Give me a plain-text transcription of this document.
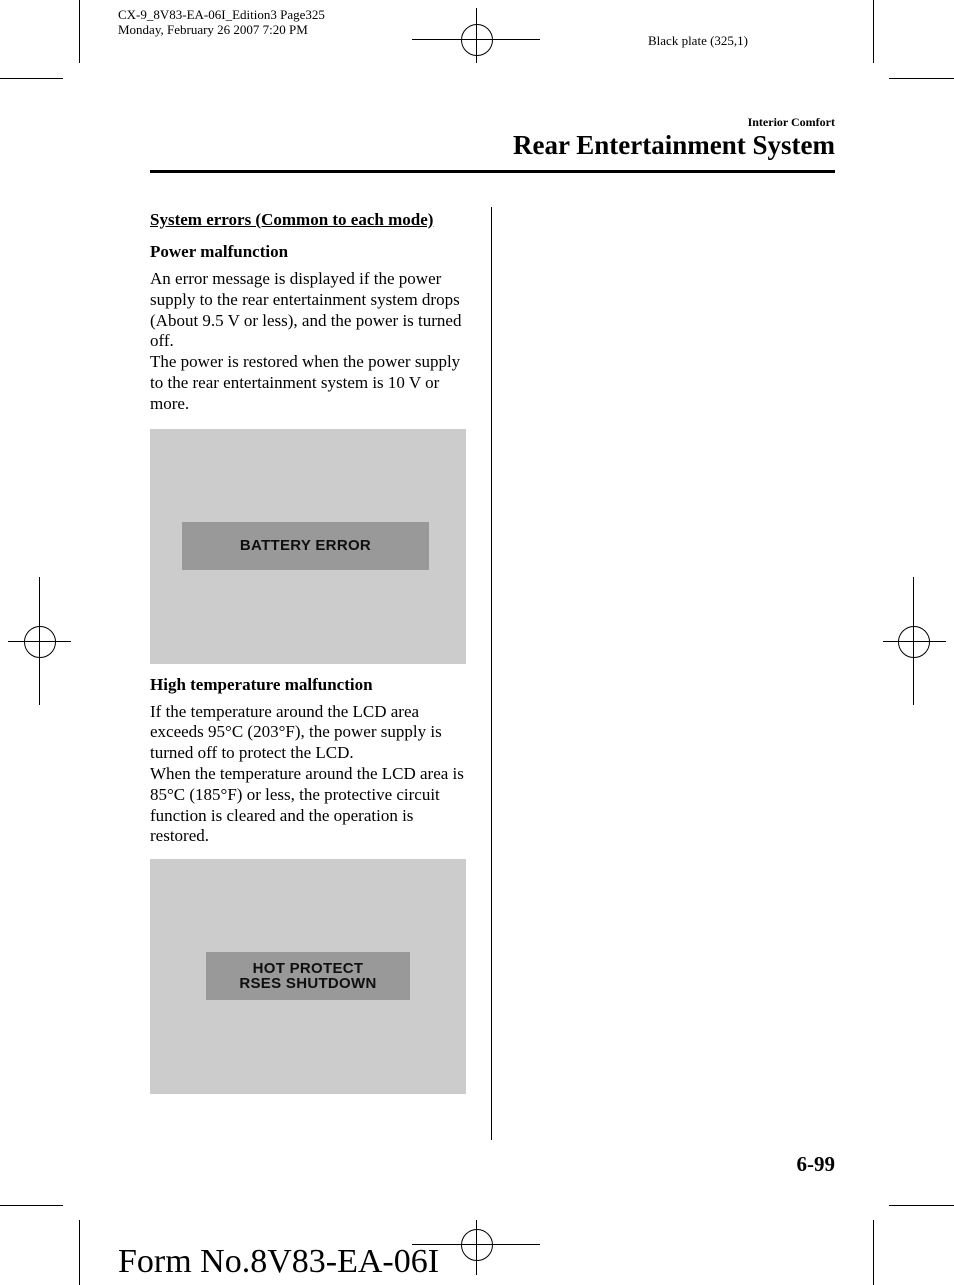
CX-9_8V83-EA-06I_Edition3 Page325
Monday, February 26 2007 7:20 PM
Black plate (325,1)
Interior Comfort
Rear Entertainment System

System errors (Common to each mode)

Power malfunction

An error message is displayed if the power supply to the rear entertainment system drops (About 9.5 V or less), and the power is turned off.

The power is restored when the power supply to the rear entertainment system is 10 V or more.

BATTERY ERROR

High temperature malfunction

If the temperature around the LCD area exceeds 95°C (203°F), the power supply is turned off to protect the LCD.

When the temperature around the LCD area is 85°C (185°F) or less, the protective circuit function is cleared and the operation is restored.

HOT PROTECT
RSES SHUTDOWN
6-99
Form No.8V83-EA-06I
